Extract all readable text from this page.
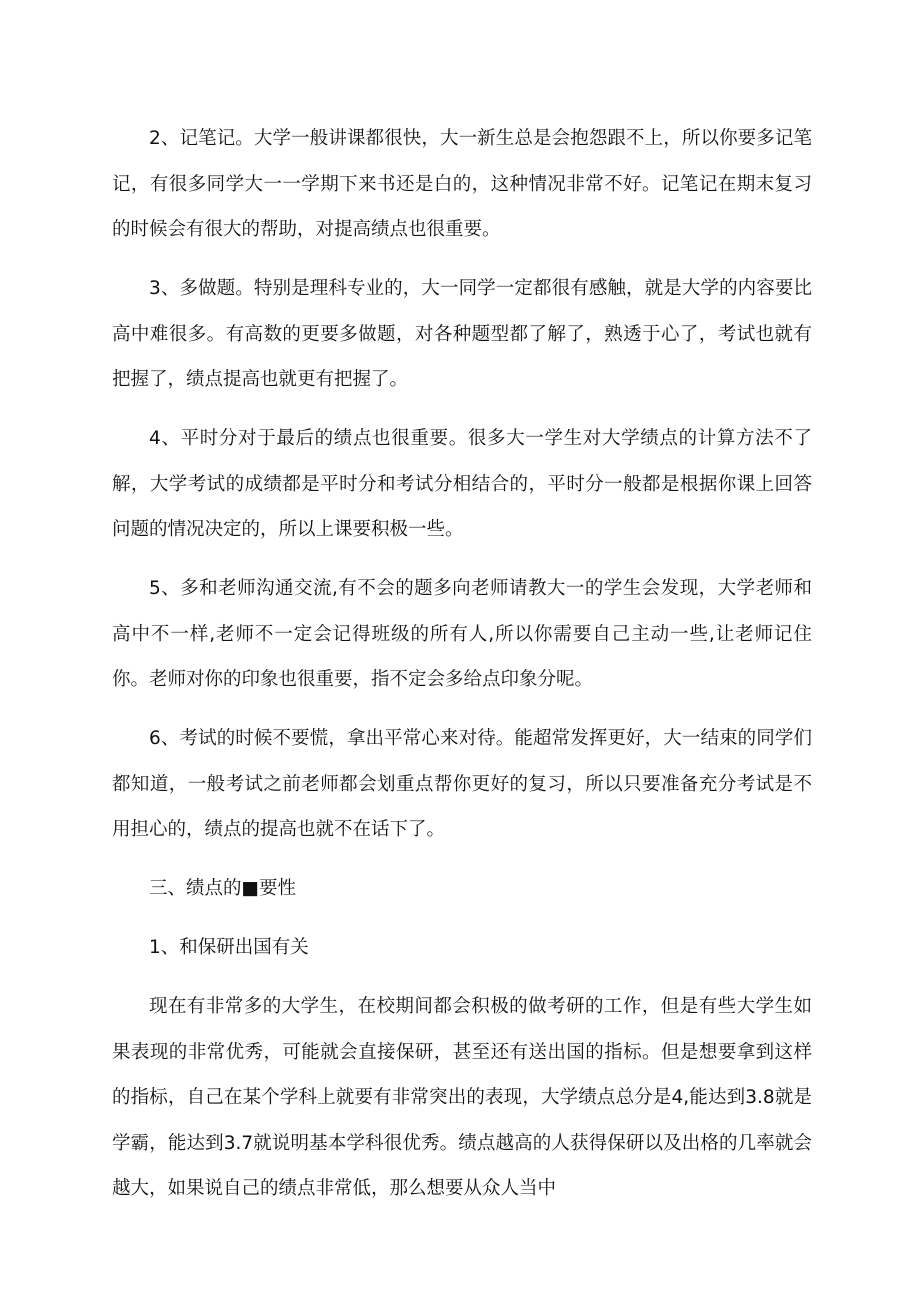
2、记笔记。大学一般讲课都很快，大一新生总是会抱怨跟不上，所以你要多记笔记，有很多同学大一一学期下来书还是白的，这种情况非常不好。记笔记在期末复习的时候会有很大的帮助，对提高绩点也很重要。

3、多做题。特别是理科专业的，大一同学一定都很有感触，就是大学的内容要比高中难很多。有高数的更要多做题，对各种题型都了解了，熟透于心了，考试也就有把握了，绩点提高也就更有把握了。

4、平时分对于最后的绩点也很重要。很多大一学生对大学绩点的计算方法不了解，大学考试的成绩都是平时分和考试分相结合的，平时分一般都是根据你课上回答问题的情况决定的，所以上课要积极一些。

5、多和老师沟通交流,有不会的题多向老师请教大一的学生会发现，大学老师和高中不一样,老师不一定会记得班级的所有人,所以你需要自己主动一些,让老师记住你。老师对你的印象也很重要，指不定会多给点印象分呢。

6、考试的时候不要慌，拿出平常心来对待。能超常发挥更好，大一结束的同学们都知道，一般考试之前老师都会划重点帮你更好的复习，所以只要准备充分考试是不用担心的，绩点的提高也就不在话下了。

三、绩点的■要性

1、和保研出国有关

现在有非常多的大学生，在校期间都会积极的做考研的工作，但是有些大学生如果表现的非常优秀，可能就会直接保研，甚至还有送出国的指标。但是想要拿到这样的指标，自己在某个学科上就要有非常突出的表现，大学绩点总分是4,能达到3.8就是学霸，能达到3.7就说明基本学科很优秀。绩点越高的人获得保研以及出格的几率就会越大，如果说自己的绩点非常低，那么想要从众人当中
